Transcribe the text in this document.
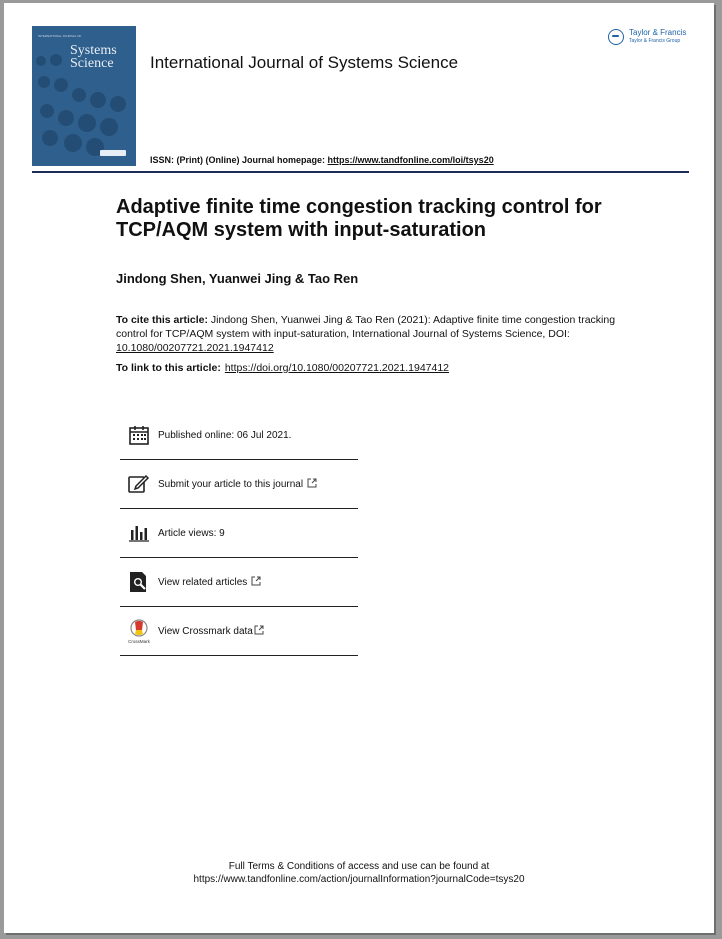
INTERNATIONAL JOURNAL OF
Systems Science	International Journal of Systems Science
ISSN: (Print) (Online) Journal homepage: https://www.tandfonline.com/loi/tsys20
Taylor & Francis
Taylor & Francis Group
Adaptive finite time congestion tracking control for TCP/AQM system with input-saturation
Jindong Shen, Yuanwei Jing & Tao Ren
To cite this article: Jindong Shen, Yuanwei Jing & Tao Ren (2021): Adaptive finite time congestion tracking control for TCP/AQM system with input-saturation, International Journal of Systems Science, DOI: 10.1080/00207721.2021.1947412
To link to this article: https://doi.org/10.1080/00207721.2021.1947412
Published online: 06 Jul 2021.
Submit your article to this journal
Article views: 9
View related articles
CrossMark
View Crossmark data
Full Terms & Conditions of access and use can be found at
https://www.tandfonline.com/action/journalInformation?journalCode=tsys20
